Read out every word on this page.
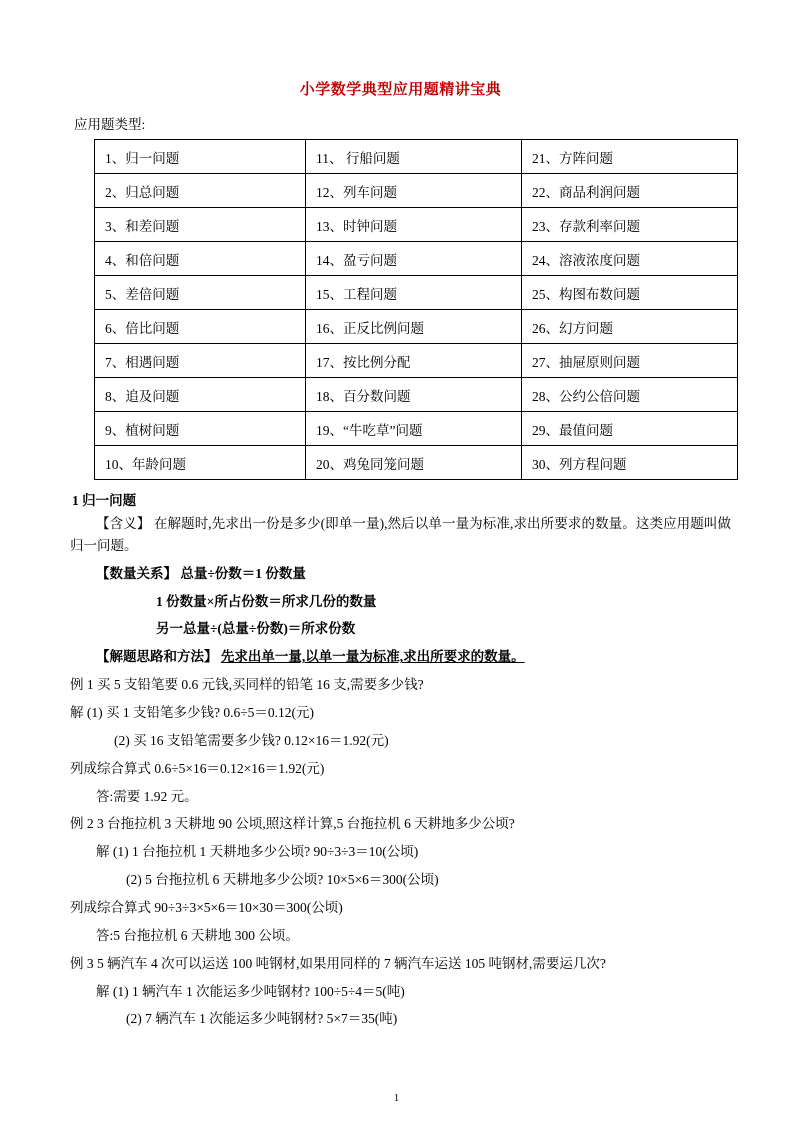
小学数学典型应用题精讲宝典
应用题类型:
1、归一问题	11、 行船问题	21、方阵问题
2、归总问题	12、列车问题	22、商品利润问题
3、和差问题	13、时钟问题	23、存款利率问题
4、和倍问题	14、盈亏问题	24、溶液浓度问题
5、差倍问题	15、工程问题	25、构图布数问题
6、倍比问题	16、正反比例问题	26、幻方问题
7、相遇问题	17、按比例分配	27、抽屉原则问题
8、追及问题	18、百分数问题	28、公约公倍问题
9、植树问题	19、“牛吃草”问题	29、最值问题
10、年龄问题	20、鸡兔同笼问题	30、列方程问题
1 归一问题

【含义】 在解题时,先求出一份是多少(即单一量),然后以单一量为标准,求出所要求的数量。这类应用题叫做归一问题。

【数量关系】 总量÷份数＝1 份数量

1 份数量×所占份数＝所求几份的数量

另一总量÷(总量÷份数)＝所求份数

【解题思路和方法】 先求出单一量,以单一量为标准,求出所要求的数量。

例 1 买 5 支铅笔要 0.6 元钱,买同样的铅笔 16 支,需要多少钱?

解 (1) 买 1 支铅笔多少钱? 0.6÷5＝0.12(元)

(2) 买 16 支铅笔需要多少钱? 0.12×16＝1.92(元)

列成综合算式 0.6÷5×16＝0.12×16＝1.92(元)

答:需要 1.92 元。

例 2 3 台拖拉机 3 天耕地 90 公顷,照这样计算,5 台拖拉机 6 天耕地多少公顷?

解 (1) 1 台拖拉机 1 天耕地多少公顷? 90÷3÷3＝10(公顷)

(2) 5 台拖拉机 6 天耕地多少公顷? 10×5×6＝300(公顷)

列成综合算式 90÷3÷3×5×6＝10×30＝300(公顷)

答:5 台拖拉机 6 天耕地 300 公顷。

例 3 5 辆汽车 4 次可以运送 100 吨钢材,如果用同样的 7 辆汽车运送 105 吨钢材,需要运几次?

解 (1) 1 辆汽车 1 次能运多少吨钢材? 100÷5÷4＝5(吨)

(2) 7 辆汽车 1 次能运多少吨钢材? 5×7＝35(吨)

1
